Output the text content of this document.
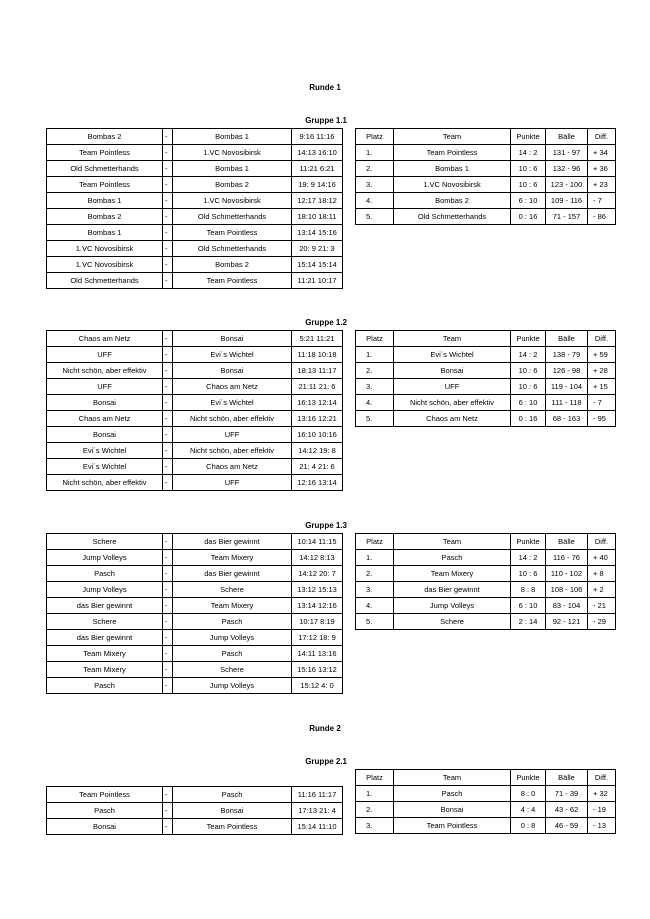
Runde 1
Runde 2
Gruppe 1.1
Bombas 2	-	Bombas 1	9:16 11:16
Team Pointless	-	1.VC Novosibirsk	14:13 16:10
Old Schmetterhands	-	Bombas 1	11:21 6:21
Team Pointless	-	Bombas 2	19: 9 14:16
Bombas 1	-	1.VC Novosibirsk	12:17 18:12
Bombas 2	-	Old Schmetterhands	18:10 18:11
Bombas 1	-	Team Pointless	13:14 15:16
1.VC Novosibirsk	-	Old Schmetterhands	20: 9 21: 3
1.VC Novosibirsk	-	Bombas 2	15:14 15:14
Old Schmetterhands	-	Team Pointless	11:21 10:17
Platz	Team	Punkte	Bälle	Diff.
1.	Team Pointless	14 : 2	131 - 97	+ 34
2.	Bombas 1	10 : 6	132 - 96	+ 36
3.	1.VC Novosibirsk	10 : 6	123 - 100	+ 23
4.	Bombas 2	6 : 10	109 - 116	- 7
5.	Old Schmetterhands	0 : 16	71 - 157	- 86
Gruppe 1.2
Chaos am Netz	-	Bonsai	5:21 11:21
UFF	-	Evi´s Wichtel	11:18 10:18
Nicht schön, aber effektiv	-	Bonsai	18:13 11:17
UFF	-	Chaos am Netz	21:11 21: 6
Bonsai	-	Evi´s Wichtel	16:13 12:14
Chaos am Netz	-	Nicht schön, aber effektiv	13:16 12:21
Bonsai	-	UFF	16:10 10:16
Evi´s Wichtel	-	Nicht schön, aber effektiv	14:12 19: 8
Evi´s Wichtel	-	Chaos am Netz	21: 4 21: 6
Nicht schön, aber effektiv	-	UFF	12:16 13:14
Platz	Team	Punkte	Bälle	Diff.
1.	Evi´s Wichtel	14 : 2	138 - 79	+ 59
2.	Bonsai	10 : 6	126 - 98	+ 28
3.	UFF	10 : 6	119 - 104	+ 15
4.	Nicht schön, aber effektiv	6 : 10	111 - 118	- 7
5.	Chaos am Netz	0 : 16	68 - 163	- 95
Gruppe 1.3
Schere	-	das Bier gewinnt	10:14 11:15
Jump Volleys	-	Team Mixery	14:12 8:13
Pasch	-	das Bier gewinnt	14:12 20: 7
Jump Volleys	-	Schere	13:12 15:13
das Bier gewinnt	-	Team Mixery	13:14 12:16
Schere	-	Pasch	10:17 8:19
das Bier gewinnt	-	Jump Volleys	17:12 18: 9
Team Mixery	-	Pasch	14:11 13:16
Team Mixery	-	Schere	15:16 13:12
Pasch	-	Jump Volleys	15:12 4: 0
Platz	Team	Punkte	Bälle	Diff.
1.	Pasch	14 : 2	116 - 76	+ 40
2.	Team Mixery	10 : 6	110 - 102	+ 8
3.	das Bier gewinnt	8 : 8	108 - 106	+ 2
4.	Jump Volleys	6 : 10	83 - 104	- 21
5.	Schere	2 : 14	92 - 121	- 29
Gruppe 2.1
Team Pointless	-	Pasch	11:16 11:17
Pasch	-	Bonsai	17:13 21: 4
Bonsai	-	Team Pointless	15:14 11:10
Platz	Team	Punkte	Bälle	Diff.
1.	Pasch	8 : 0	71 - 39	+ 32
2.	Bonsai	4 : 4	43 - 62	- 19
3.	Team Pointless	0 : 8	46 - 59	- 13
